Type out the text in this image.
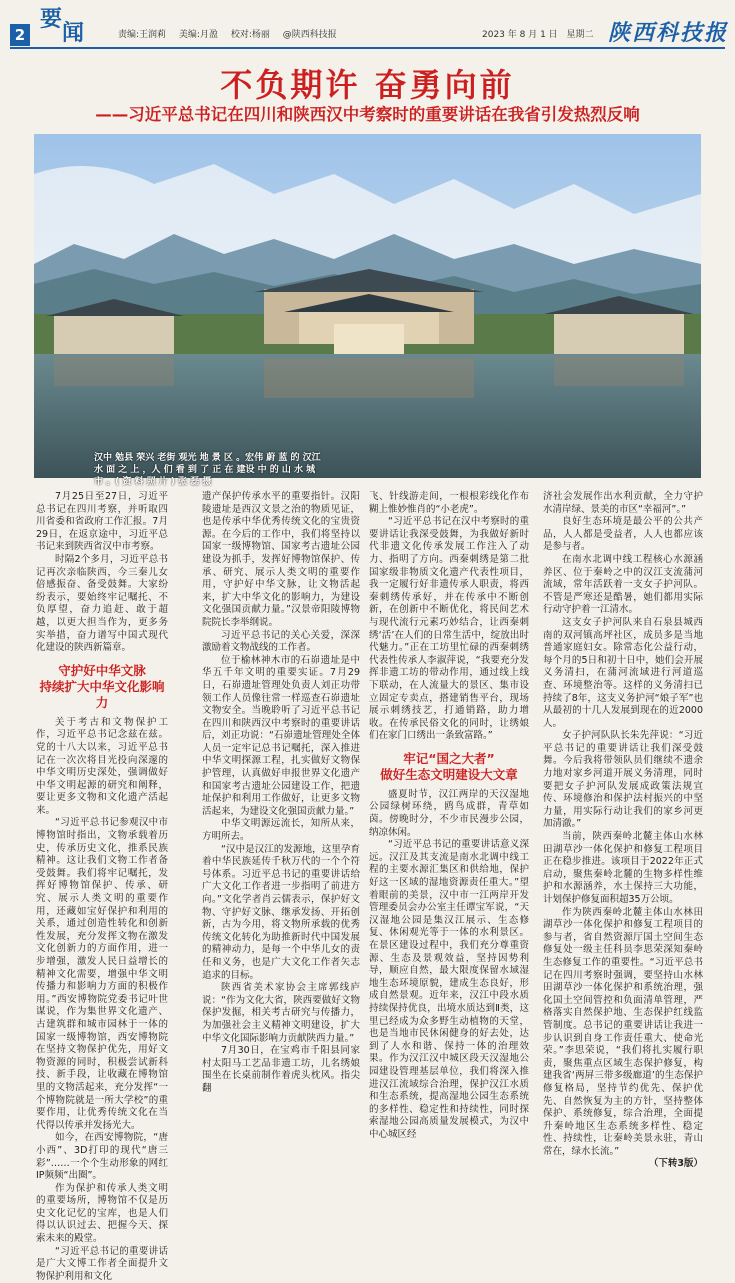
2
要
闻	责编:王润莉 美编:月盈 校对:杨丽 @陕西科技报	2023 年 8 月 1 日 星期二 陕西科技报
不负期许 奋勇向前
——习近平总书记在四川和陕西汉中考察时的重要讲话在我省引发热烈反响
汉中 勉县 荣兴 老街 观光 地 景 区 。宏伟 蔚 蓝 的 汉江 水 面 之 上 ，人 们 看 到 了 正 在 建设 中 的 山 水 城 市 。( 资 料 照 片 ) 张 磊 摄

7月25日至27日，习近平总书记在四川考察，并听取四川省委和省政府工作汇报。7月29日，在返京途中，习近平总书记来到陕西省汉中市考察。

时隔2个多月，习近平总书记再次亲临陕西，今三秦儿女倍感振奋、备受鼓舞。大家纷纷表示，要始终牢记嘱托、不负厚望，奋力追赶、敢于超越，以更大担当作为，更多务实举措，奋力谱写中国式现代化建设的陕西新篇章。

守护好中华文脉
持续扩大中华文化影响力

关于考古和文物保护工作，习近平总书记念兹在兹。党的十八大以来，习近平总书记在一次次将目光投向深邃的中华文明历史深处，强调做好中华文明起源的研究和阐释，要让更多文物和文化遗产活起来。

“习近平总书记参观汉中市博物馆时指出，文物承载着历史，传承历史文化，推系民族精神。这让我们文物工作者备受鼓舞。我们将牢记嘱托，发挥好博物馆保护、传承、研究、展示人类文明的重要作用，还藏如宝好保护和利用的关系，通过创造性转化和创新性发展，充分发挥文物在激发文化创新力的方面作用，进一步增强，激发人民日益增长的精神文化需要，增强中华文明传播力和影响力方面的积极作用。”西安博物院党委书记叶世谋说，作为集世界文化遗产、古建筑群和城市园林于一体的国家一级博物馆，西安博物院在坚持文物保护优先，用好文物资源的同时，积极尝试新科技、新手段，让收藏在博物馆里的文物活起来，充分发挥“一个博物院就是一所大学校”的重要作用，让优秀传统文化在当代得以传承并发扬光大。

如今，在西安博物院，“唐小西”、3D打印的现代“唐三彩”……一个个生动形象的网红IP频频“出圈”。

作为保护和传承人类文明的重要场所，博物馆不仅是历史文化记忆的宝库，也是人们得以认识过去、把握今天、探索未来的殿堂。

“习近平总书记的重要讲话是广大文博工作者全面提升文物保护利用和文化

遗产保护传承水平的重要指针。汉阳陵遗址是西汉文景之治的物质见证，也是传承中华优秀传统文化的宝贵资源。在今后的工作中，我们将坚持以国家一级博物馆、国家考古遗址公园建设为抓手，发挥好博物馆保护、传承、研究、展示人类文明的重要作用，守护好中华文脉，让文物活起来，扩大中华文化的影响力，为建设文化强国贡献力量。”汉景帝阳陵博物院院长李举纲说。

习近平总书记的关心关爱，深深激励着文物战线的工作者。

位于榆林神木市的石峁遗址是中华五千年文明的重要实证。7月29日，石峁遗址管理处负责人刘正功带领工作人员像往常一样巡查石峁遗址文物安全。当晚聆听了习近平总书记在四川和陕西汉中考察时的重要讲话后，刘正功说：“石峁遗址管理处全体人员一定牢记总书记嘱托，深入推进中华文明探源工程，扎实做好文物保护管理，认真做好申报世界文化遗产和国家考古遗址公园建设工作，把遗址保护和利用工作做好，让更多文物活起来，为建设文化强国贡献力量。”

中华文明源远流长，知所从来，方明所去。

“汉中是汉江的发源地，这里孕育着中华民族延传千秋万代的一个个符号体系。习近平总书记的重要讲话给广大文化工作者进一步指明了前进方向。”文化学者肖云儒表示，保护好文物、守护好文脉、继承发扬、开拓创新，古为今用，将文物所承载的优秀传统文化转化为助推新时代中国发展的精神动力，是每一个中华儿女的责任和义务，也是广大文化工作者矢志追求的目标。

陕西省美术家协会主席郭线庐说：“作为文化大省，陕西要做好文物保护发掘，相关考古研究与传播力，为加强社会主义精神文明建设，扩大中华文化国际影响力贡献陕西力量。”

7月30日，在宝鸡市千阳县同家村太阳马工艺品非遗工坊，儿名绣娘围坐在长桌前制作着虎头枕风。指尖翻

飞、针线游走间，一根根彩线化作布糊上惟妙惟肖的“小老虎”。

“习近平总书记在汉中考察时的重要讲话让我深受鼓舞，为我做好新时代非遗文化传承发展工作注入了动力、指明了方向。西秦刺绣是第二批国家级非物质文化遗产代表性项目，我一定履行好非遗传承人职责，将西秦刺绣传承好，并在传承中不断创新，在创新中不断优化，将民间艺术与现代流行元素巧妙结合，让西秦刺绣‘活’在人们的日常生活中，绽放出时代魅力。”正在工坊里忙碌的西秦刺绣代表性传承人李淑萍说，“我要充分发挥非遗工坊的带动作用，通过线上线下联动，在人流量大的景区、集市设立固定专卖点，搭建销售平台，现场展示刺绣技艺，打通销路，助力增收。在传承民俗文化的同时，让绣娘们在家门口绣出一条致富路。”

牢记“国之大者”
做好生态文明建设大文章

盛夏时节，汉江两岸的天汉湿地公园绿树环绕，鸥鸟成群，青草如茵。傍晚时分，不少市民漫步公园，纳凉休闲。

“习近平总书记的重要讲话意义深远。汉江及其支流是南水北调中线工程的主要水源汇集区和供给地，保护好这一区域的湿地资源责任重大。”望着眼前的美景，汉中市一江两岸开发管理委员会办公室主任谭宝军说，“天汉湿地公园是集汉江展示、生态修复、休闲观光等于一体的水利景区。在景区建设过程中，我们充分尊重资源、生态及景观效益，坚持因势利导，顺应自然，最大限度保留水域湿地生态环境原貌，建成生态良好，形成自然景观。近年来，汉江中段水质持续保持优良，出境水质达到Ⅱ类，这里已经成为众多野生动植物的天堂，也是当地市民休闲健身的好去处，达到了人水和谐、保持一体的治理效果。作为汉江汉中城区段天汉湿地公园建设管理基层单位，我们将深入推进汉江流域综合治理，保护汉江水质和生态系统，提高湿地公园生态系统的多样性、稳定性和持续性，同时探索湿地公园高质量发展模式，为汉中中心城区经

济社会发展作出水利贡献，全力守护水清岸绿、景美的市区“幸福河”。”

良好生态环境是最公平的公共产品，人人都是受益者，人人也都应该是参与者。

在南水北调中线工程核心水源涵养区、位于秦岭之中的汉江支流蒲河流域，常年活跃着一支女子护河队。不管是严寒还是酷暑，她们都用实际行动守护着一江清水。

这支女子护河队来自石泉县城西南的双河镇高坪社区，成员多是当地普通家庭妇女。除常态化公益行动，每个月的5日和初十日中，她们会开展义务清扫，在蒲河流域进行河道巡查、环境整治等。这样的义务清扫已持续了8年，这支义务护河“娘子军”也从最初的十几人发展到现在的近2000人。

女子护河队队长朱先萍说：“习近平总书记的重要讲话让我们深受鼓舞。今后我将带领队员们继续不遗余力地对家乡河道开展义务清理，同时要把女子护河队发展成政策法规宣传、环境修治和保护法村振兴的中坚力量，用实际行动让我们的家乡河更加清澈。”

当前，陕西秦岭北麓主体山水林田湖草沙一体化保护和修复工程项目正在稳步推进。该项目于2022年正式启动，聚焦秦岭北麓的生物多样性维护和水源涵养，水土保持三大功能，计划保护修复面积超35万公顷。

作为陕西秦岭北麓主体山水林田湖草沙一体化保护和修复工程项目的参与者，省自然资源厅国土空间生态修复处一级主任科员李思荣深知秦岭生态修复工作的重要性。“习近平总书记在四川考察时强调，要坚持山水林田湖草沙一体化保护和系统治理，强化国土空间管控和负面清单管理，严格落实自然保护地、生态保护红线监管制度。总书记的重要讲话让我进一步认识到自身工作责任重大、使命光荣。”李思荣说，“我们将扎实履行职责，聚焦重点区域生态保护修复，构建我省‘两屏三带多级廊道’的生态保护修复格局，坚持节约优先、保护优先、自然恢复为主的方针，坚持整体保护、系统修复，综合治理，全面提升秦岭地区生态系统多样性、稳定性、持续性，让秦岭美景永驻，青山常在，绿水长流。”

（下转3版）
